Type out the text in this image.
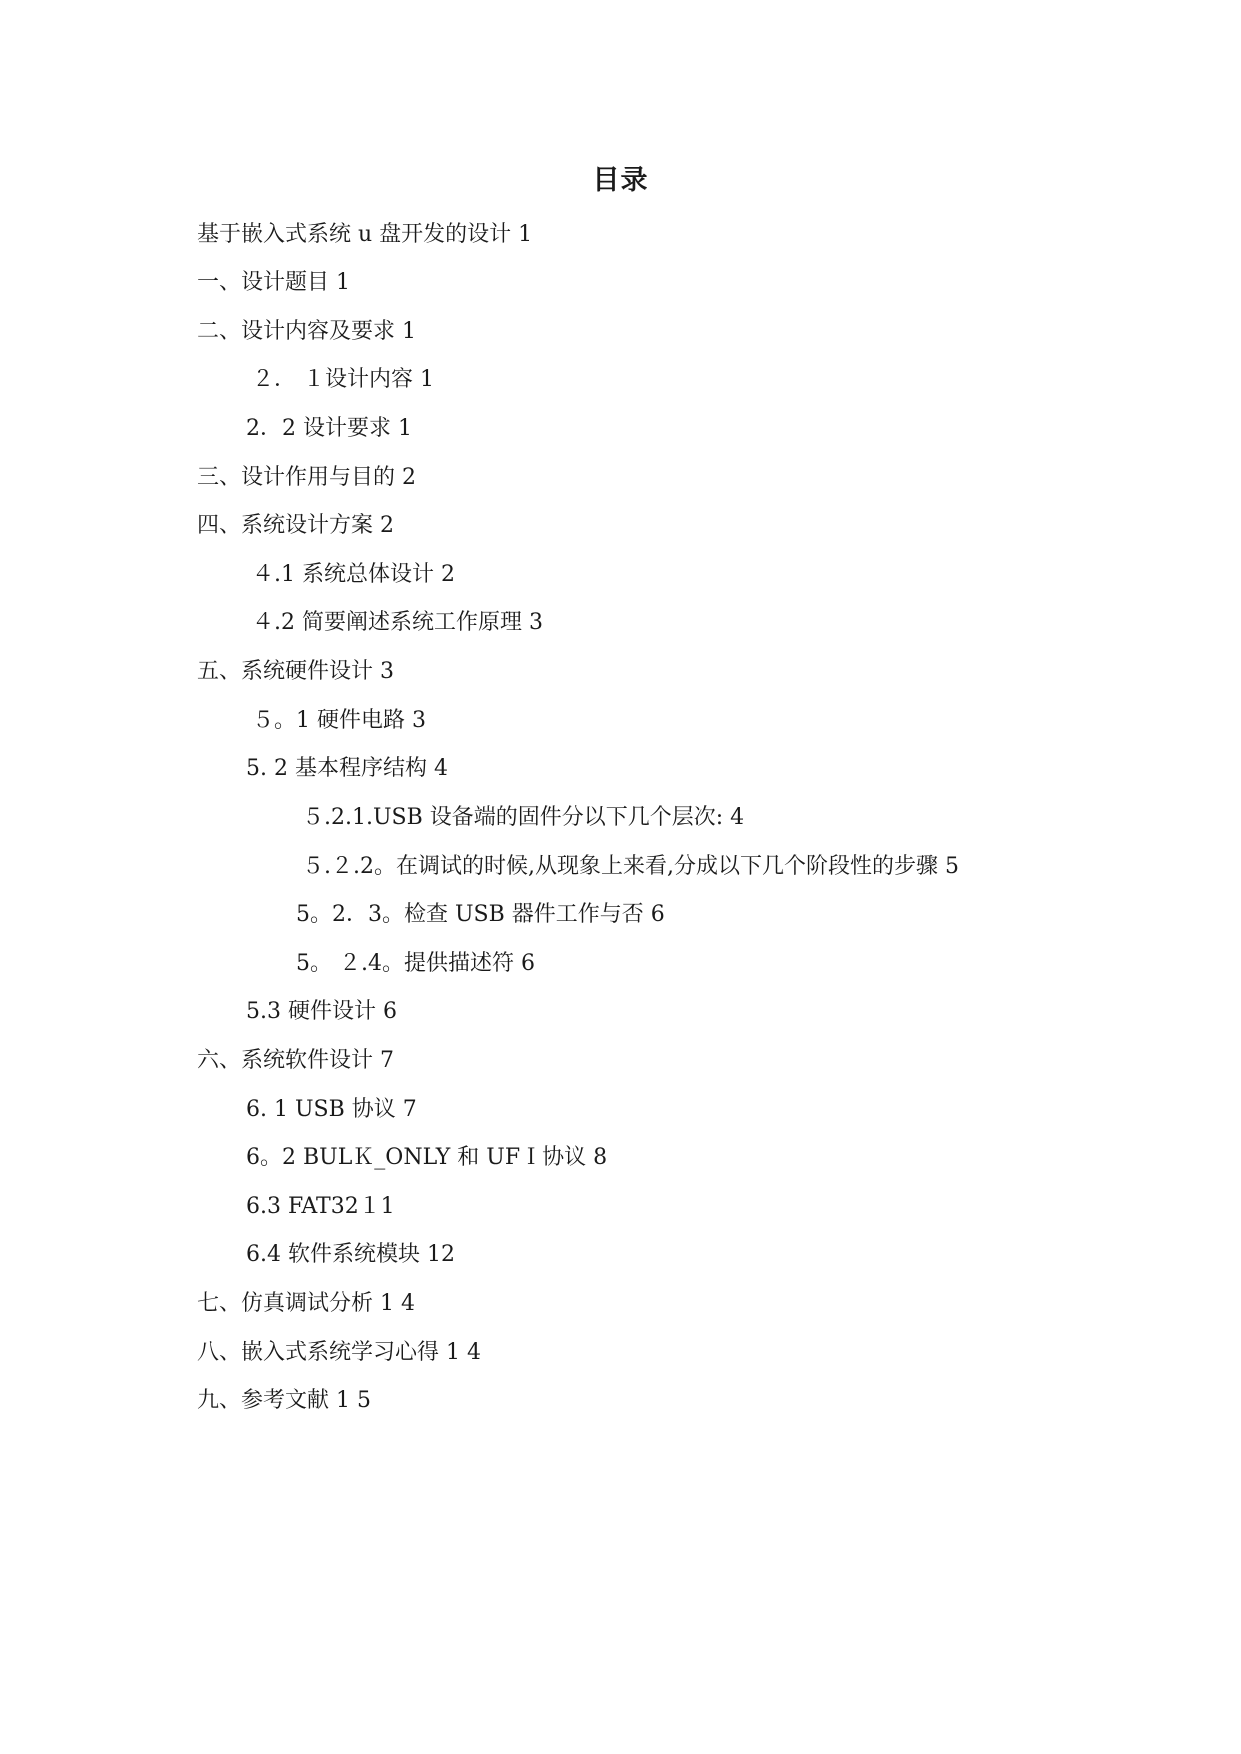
目录
基于嵌入式系统 u 盘开发的设计 1
一、设计题目 1
二、设计内容及要求 1
２． １设计内容 1
2．2 设计要求 1
三、设计作用与目的 2
四、系统设计方案 2
４.1 系统总体设计 2
４.2 简要阐述系统工作原理 3
五、系统硬件设计 3
５。1 硬件电路 3
5. 2 基本程序结构 4
５.2.1.USB 设备端的固件分以下几个层次: 4
５.２.2。在调试的时候,从现象上来看,分成以下几个阶段性的步骤 5
5。2．3。检查 USB 器件工作与否 6
5。 ２.4。提供描述符 6
5.3 硬件设计 6
六、系统软件设计 7
6. 1 USB 协议 7
6。2 BULＫ_ONLY 和 UFＩ协议 8
6.3 FAT32１1
6.4 软件系统模块 12
七、仿真调试分析 1 4
八、嵌入式系统学习心得 1 4
九、参考文献 1 5
